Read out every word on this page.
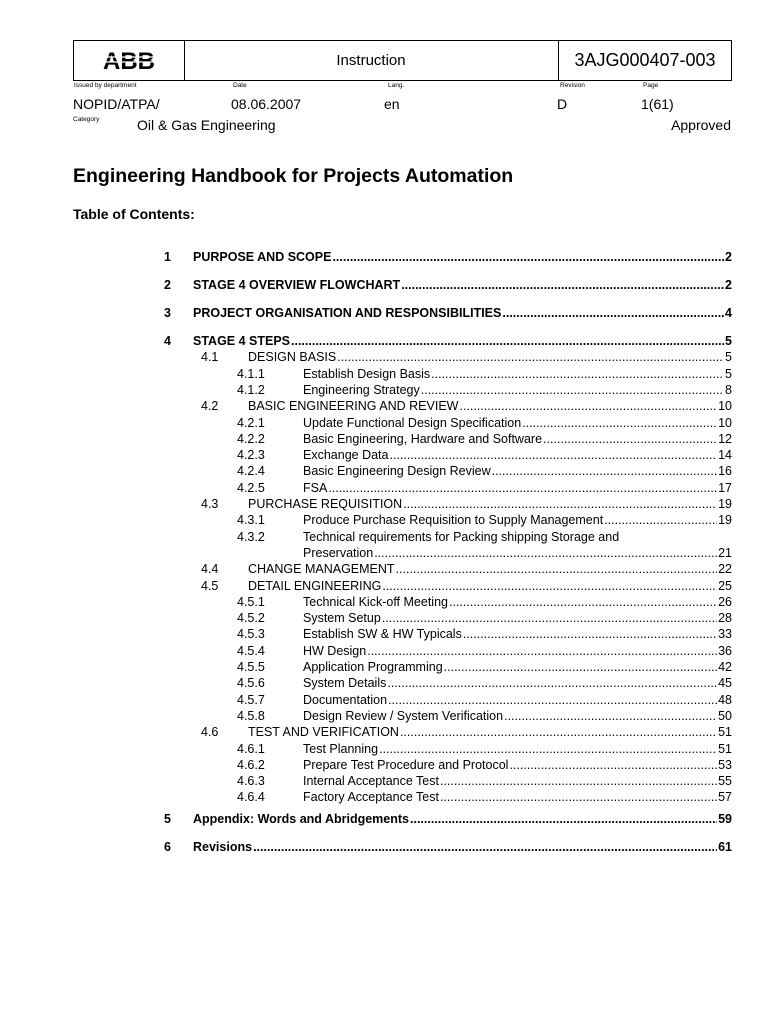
ABB	Instruction	3AJG000407-003
Issued by department	Date	Lang.	Revision	Page
NOPID/ATPA/	08.06.2007	en	D	1(61)
Category	Oil & Gas Engineering	Approved
Engineering Handbook for Projects Automation
Table of Contents:
1 PURPOSE AND SCOPE .....	2
2 STAGE 4 OVERVIEW FLOWCHART .....	2
3 PROJECT ORGANISATION AND RESPONSIBILITIES .....	4
4 STAGE 4 STEPS .....	5
4.1 DESIGN BASIS .....	5
4.1.1	Establish Design Basis .....	5
4.1.2	Engineering Strategy .....	8
4.2 BASIC ENGINEERING AND REVIEW .....	10
4.2.1	Update Functional Design Specification .....	10
4.2.2	Basic Engineering, Hardware and Software .....	12
4.2.3	Exchange Data .....	14
4.2.4	Basic Engineering Design Review .....	16
4.2.5	FSA .....	17
4.3 PURCHASE REQUISITION .....	19
4.3.1	Produce Purchase Requisition to Supply Management .....	19
4.3.2	Technical requirements for Packing shipping Storage and
Preservation .....	21
4.4 CHANGE MANAGEMENT .....	22
4.5 DETAIL ENGINEERING .....	25
4.5.1	Technical Kick-off Meeting .....	26
4.5.2	System Setup .....	28
4.5.3	Establish SW & HW Typicals .....	33
4.5.4	HW Design .....	36
4.5.5	Application Programming .....	42
4.5.6	System Details .....	45
4.5.7	Documentation .....	48
4.5.8	Design Review / System Verification .....	50
4.6 TEST AND VERIFICATION .....	51
4.6.1	Test Planning .....	51
4.6.2	Prepare Test Procedure and Protocol .....	53
4.6.3	Internal Acceptance Test .....	55
4.6.4	Factory Acceptance Test .....	57
5 Appendix: Words and Abridgements .....	59
6 Revisions .....	61
